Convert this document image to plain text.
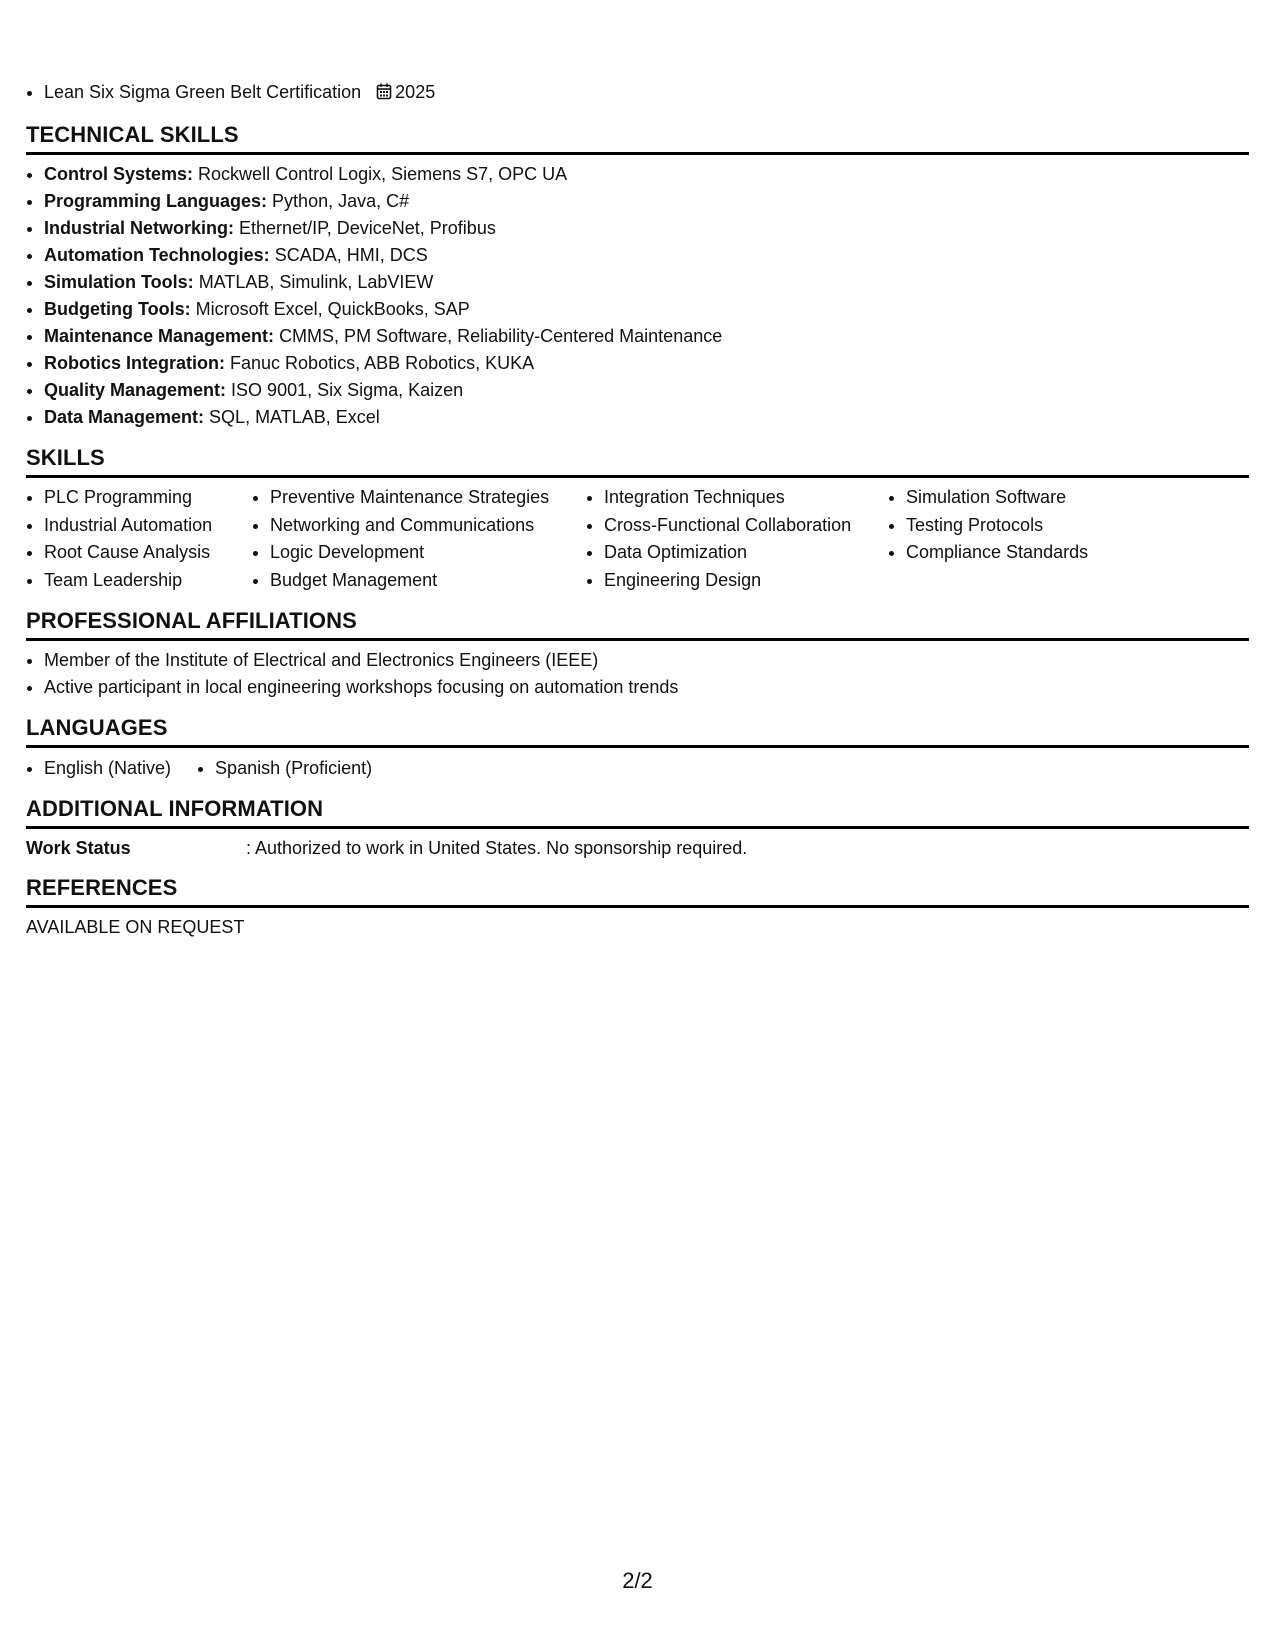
• Lean Six Sigma Green Belt Certification 2025
TECHNICAL SKILLS
• Control Systems: Rockwell Control Logix, Siemens S7, OPC UA
• Programming Languages: Python, Java, C#
• Industrial Networking: Ethernet/IP, DeviceNet, Profibus
• Automation Technologies: SCADA, HMI, DCS
• Simulation Tools: MATLAB, Simulink, LabVIEW
• Budgeting Tools: Microsoft Excel, QuickBooks, SAP
• Maintenance Management: CMMS, PM Software, Reliability-Centered Maintenance
• Robotics Integration: Fanuc Robotics, ABB Robotics, KUKA
• Quality Management: ISO 9001, Six Sigma, Kaizen
• Data Management: SQL, MATLAB, Excel
SKILLS
• PLC Programming
• Industrial Automation
• Root Cause Analysis
• Team Leadership
• Preventive Maintenance Strategies
• Networking and Communications
• Logic Development
• Budget Management
• Integration Techniques
• Cross-Functional Collaboration
• Data Optimization
• Engineering Design
• Simulation Software
• Testing Protocols
• Compliance Standards
PROFESSIONAL AFFILIATIONS
• Member of the Institute of Electrical and Electronics Engineers (IEEE)
• Active participant in local engineering workshops focusing on automation trends
LANGUAGES
• English (Native)
• Spanish (Proficient)
ADDITIONAL INFORMATION
Work Status	: Authorized to work in United States. No sponsorship required.
REFERENCES
AVAILABLE ON REQUEST
2/2
